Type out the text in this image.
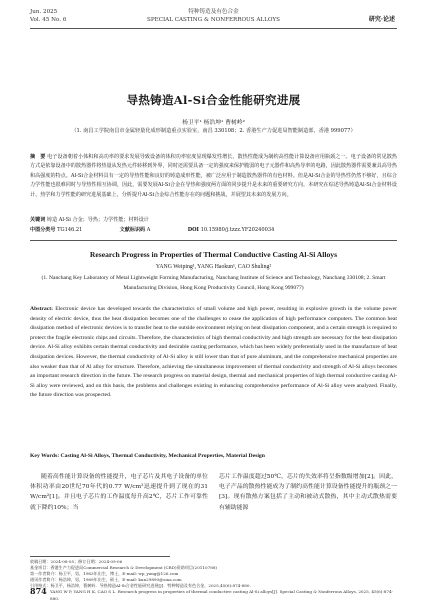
Jun. 2025
Vol. 45 No. 6
特种铸造及有色合金
SPECIAL CASTING & NONFERROUS ALLOYS	研究·论述
导热铸造Al-Si合金性能研究进展
杨卫平¹ 杨浩坤¹ 曹树岭²
（1. 南昌工学院南昌市金属轻量化成形制造重点实验室，南昌 330108；2. 香港生产力促进局智能制造部，香港 999077）
摘　要 电子设备朝着小体积和高功率的要求发展导致设备的体积功率密度显现爆发性增长，散热性能成为制约高性能计算设备应用瓶颈之一。电子设备的常见散热方式是依靠设备中的散热器件将热量从发热元件转移到外界，同时还需要具备一定的强度来保护脆弱的电子元器件和高热导率的电路，因此散热器件需要兼具高导热和高强度的特点。Al-Si合金材料具有一定的导热性能和良好的铸造成形性能，被广泛应用于制造散热器件的有色材料。但是Al-Si合金的导热性仍然不够好，且综合力学性能也很难同时与导热性相互协调，因此，需要发展Al-Si合金在导热和强度两方面的同步提升是未来的重要研究方向。本研究在综述导热铸造Al-Si合金材料设计、热学和力学性能的研究进展基础上，分析提升Al-Si合金综合性能存在的问题和挑战，并展望其未来的发展方向。
关键词 铸造 Al-Si 合金；导热；力学性能；材料设计
中图分类号 TG146.21	文献标识码 A	DOI 10.15980/j.tzzz.YF20240034
Research Progress in Properties of Thermal Conductive Casting Al-Si Alloys
YANG Weiping¹, YANG Haokun¹, CAO Shuling²
(1. Nanchang Key Laboratory of Metal Lightweight Forming Manufacturing, Nanchang Institute of Science and Technology, Nanchang 330108; 2. Smart Manufacturing Division, Hong Kong Productivity Council, Hong Kong 999077)
Abstract: Electronic device has developed towards the characteristics of small volume and high power, resulting in explosive growth in the volume power density of electric device, thus the heat dissipation becomes one of the challenges to cease the application of high performance computers. The common heat dissipation method of electronic devices is to transfer heat to the outside environment relying on heat dissipation component, and a certain strength is required to protect the fragile electronic chips and circuits. Therefore, the characteristics of high thermal conductivity and high strength are necessary for the heat dissipation device. Al-Si alloy exhibits certain thermal conductivity and desirable casting performance, which has been widely preferentially used in the manufacture of heat dissipation devices. However, the thermal conductivity of Al-Si alloy is still lower than that of pure aluminum, and the comprehensive mechanical properties are also weaker than that of Al alloy for structure. Therefore, achieving the simultaneous improvement of thermal conductivity and strength of Al-Si alloys becomes an important research direction in the future. The research progress on material design, thermal and mechanical properties of high thermal conductive casting Al-Si alloy were reviewed, and on this basis, the problems and challenges existing in enhancing comprehensive performance of Al-Si alloy were analyzed. Finally, the future direction was prospected.
Key Words: Casting Al-Si Alloys, Thermal Conductivity, Mechanical Properties, Material Design
随着高性能计算设备的性能提升，电子芯片及其电子设备的单位体积功率由20世纪70年代的0.77 W/cm²迅速提升到了现在的31 W/cm²[1]。并且电子芯片的工作温度每升高2℃，芯片工作可靠性就下降约10%；当
芯片工作温度超过50℃，芯片的失效率将呈指数级增加[2]。因此，电子产品的散热性能成为了制约高性能计算设备性能提升的瓶颈之一[3]。现有散热方案包括了主动和被动式散热，其中主动式散热需要有辅助能源
收稿日期：2024-08-05；修订日期：2024-09-06
基金项目：香港生产力促进局Commercial Research & Development (CRD)资助项目(20110788)
第一作者简介：杨卫平，男，1983年出生，博士，E-mail: wp_yang@126.com
通讯作者简介：杨浩坤，男，1989年出生，硕士，E-mail: kun29890@sina.com
引用格式：杨卫平，杨浩坤，曹树岭．导热铸造Al-Si合金性能研究进展[J]．特种铸造及有色合金，2025,45(6):874-880.
YANG W P, YANG H K, CAO S L. Research progress in properties of thermal conductive casting Al-Si alloys[J]. Special Casting & Nonferrous Alloys, 2025, 45(6):874-880.
874
